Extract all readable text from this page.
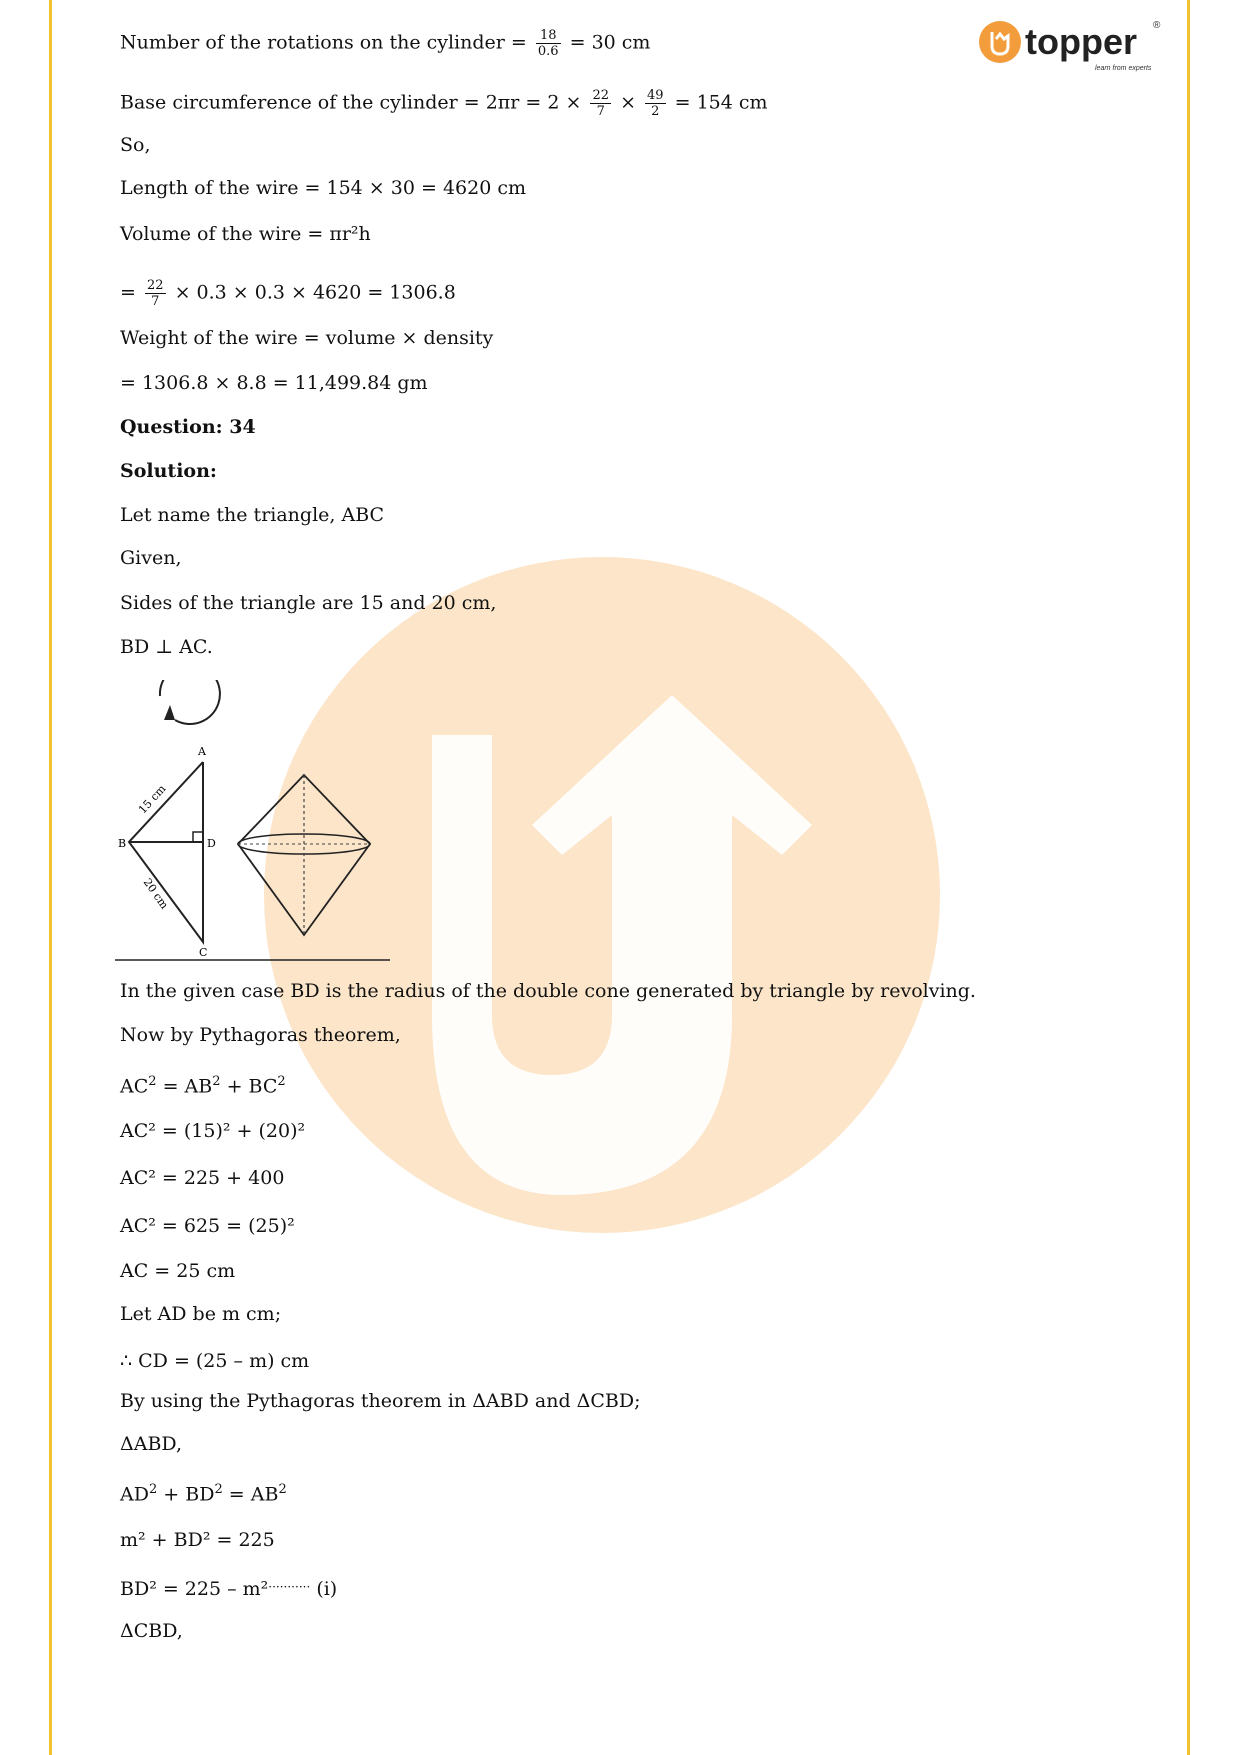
topper
learn from experts
®
Number of the rotations on the cylinder = $\frac{18}{0.6} = 30$ cm
Base circumference of the cylinder = $2\pi r = 2 \times \frac{22}{7} \times \frac{49}{2} = 154$ cm
So,
Length of the wire = 154 × 30 = 4620 cm
Volume of the wire = πr²h
= $\frac{22}{7} \times 0.3 \times 0.3 \times 4620 = 1306.8$
Weight of the wire = volume × density
= 1306.8 × 8.8 = 11,499.84 gm
Question: 34
Solution:
Let name the triangle, ABC
Given,
Sides of the triangle are 15 and 20 cm,
BD ⊥ AC.
A
B	D
C
15 cm
20 cm
In the given case BD is the radius of the double cone generated by triangle by revolving.
Now by Pythagoras theorem,
$AC^2 = AB^2 + BC^2$
AC² = (15)² + (20)²
AC² = 225 + 400
AC² = 625 = (25)²
AC = 25 cm
Let AD be m cm;
∴ CD = (25 – m) cm
By using the Pythagoras theorem in ΔABD and ΔCBD;
ΔABD,
$AD^2 + BD^2 = AB^2$
m² + BD² = 225
BD² = 225 – m²··········· (i)
ΔCBD,
